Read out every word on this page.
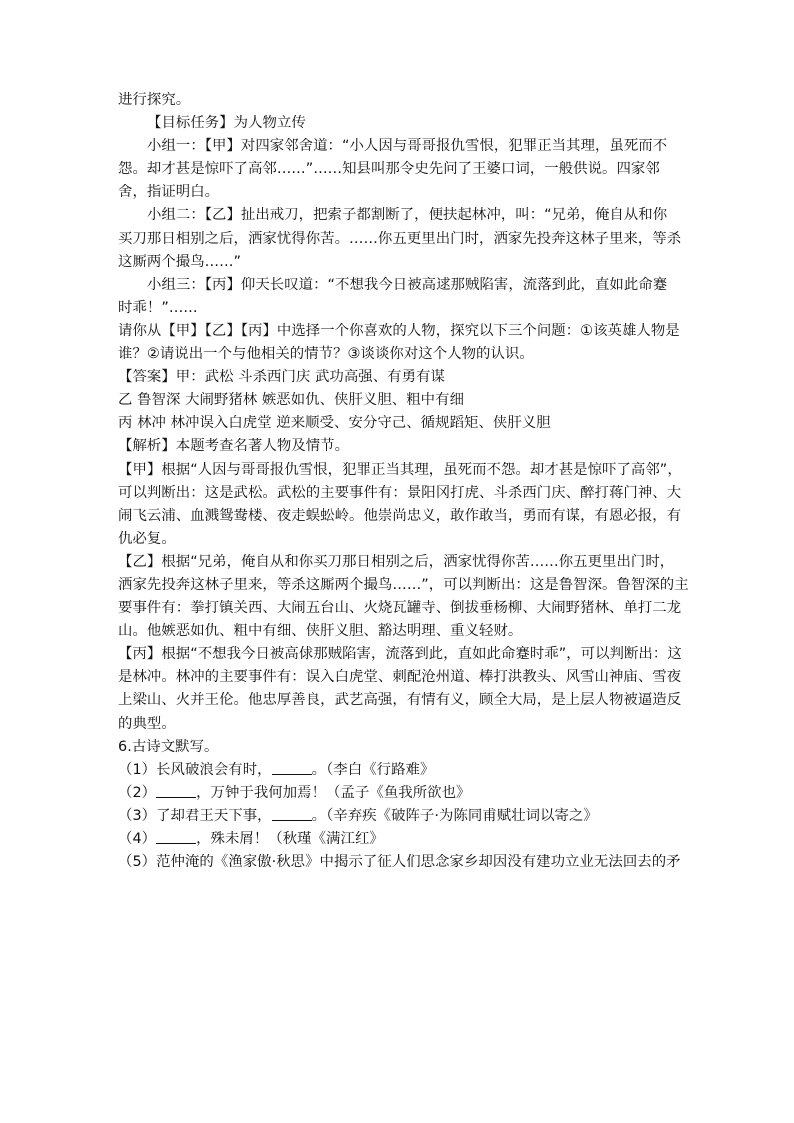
进行探究。
【目标任务】为人物立传
小组一：【甲】对四家邻舍道：“小人因与哥哥报仇雪恨，犯罪正当其理，虽死而不
怨。却才甚是惊吓了高邻……”……知县叫那令史先问了王婆口词，一般供说。四家邻
舍，指证明白。
小组二：【乙】扯出戒刀，把索子都割断了，便扶起林冲，叫：“兄弟，俺自从和你
买刀那日相别之后，洒家忧得你苦。……你五更里出门时，洒家先投奔这林子里来，等杀
这厮两个撮鸟……”
小组三：【丙】仰天长叹道：“不想我今日被高逑那贼陷害，流落到此，直如此命蹇
时乖！”……
请你从【甲】【乙】【丙】中选择一个你喜欢的人物，探究以下三个问题：①该英雄人物是
谁？②请说出一个与他相关的情节？③谈谈你对这个人物的认识。
【答案】甲：武松 斗杀西门庆 武功高强、有勇有谋
乙 鲁智深 大闹野猪林 嫉恶如仇、侠肝义胆、粗中有细
丙 林冲 林冲误入白虎堂 逆来顺受、安分守己、循规蹈矩、侠肝义胆
【解析】本题考查名著人物及情节。
【甲】根据“人因与哥哥报仇雪恨，犯罪正当其理，虽死而不怨。却才甚是惊吓了高邻”，
可以判断出：这是武松。武松的主要事件有：景阳冈打虎、斗杀西门庆、醉打蒋门神、大
闹飞云浦、血溅鸳鸯楼、夜走蜈蚣岭。他崇尚忠义，敢作敢当，勇而有谋，有恩必报，有
仇必复。
【乙】根据“兄弟，俺自从和你买刀那日相别之后，洒家忧得你苦……你五更里出门时，
洒家先投奔这林子里来，等杀这厮两个撮鸟……”，可以判断出：这是鲁智深。鲁智深的主
要事件有：拳打镇关西、大闹五台山、火烧瓦罐寺、倒拔垂杨柳、大闹野猪林、单打二龙
山。他嫉恶如仇、粗中有细、侠肝义胆、豁达明理、重义轻财。
【丙】根据“不想我今日被高俅那贼陷害，流落到此，直如此命蹇时乖”，可以判断出：这
是林冲。林冲的主要事件有：误入白虎堂、刺配沧州道、棒打洪教头、风雪山神庙、雪夜
上梁山、火并王伦。他忠厚善良，武艺高强，有情有义，顾全大局，是上层人物被逼造反
的典型。
6.古诗文默写。
（1）长风破浪会有时，	。（李白《行路难》
（2）	，万钟于我何加焉！（孟子《鱼我所欲也》
（3）了却君王天下事，	。（辛弃疾《破阵子·为陈同甫赋壮词以寄之》
（4）	，殊未屑！（秋瑾《满江红》
（5）范仲淹的《渔家傲·秋思》中揭示了征人们思念家乡却因没有建功立业无法回去的矛
